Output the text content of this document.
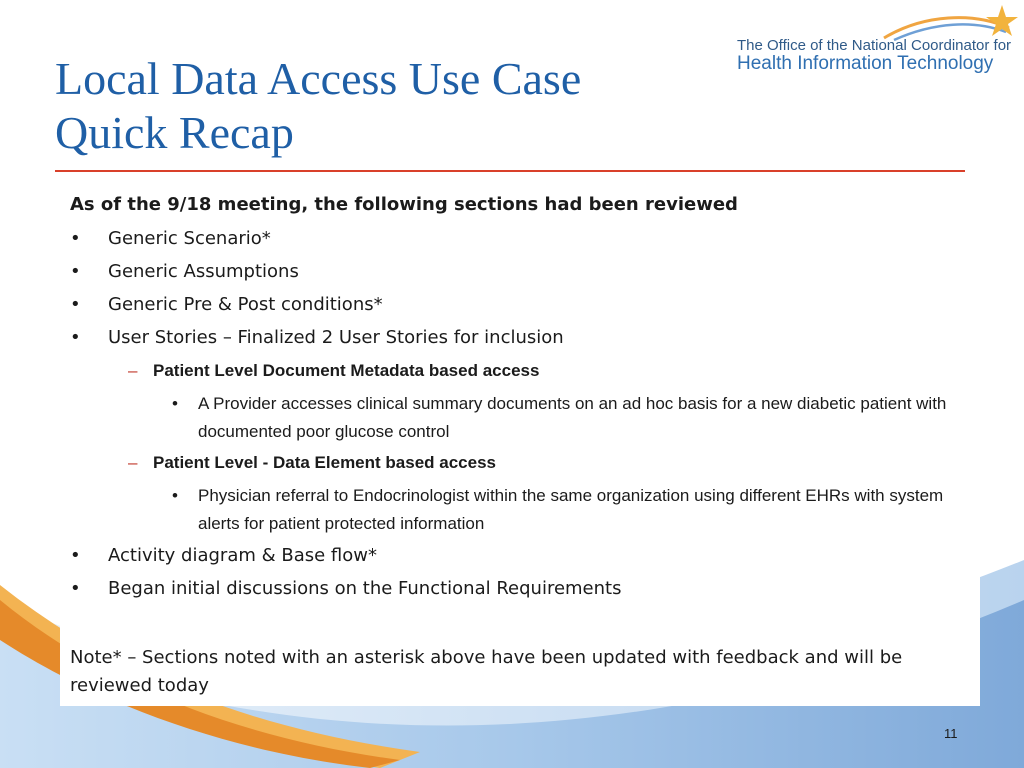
The Office of the National Coordinator for
Health Information Technology
Local Data Access Use Case
Quick Recap
As of the 9/18 meeting, the following sections had been reviewed
• Generic Scenario*
• Generic Assumptions
• Generic Pre & Post conditions*
• User Stories – Finalized 2 User Stories for inclusion
– Patient Level Document Metadata based access
• A Provider accesses clinical summary documents on an ad hoc basis for a new diabetic patient with documented poor glucose control
– Patient Level - Data Element based access
• Physician referral to Endocrinologist within the same organization using different EHRs with system alerts for patient protected information
• Activity diagram & Base flow*
• Began initial discussions on the Functional Requirements
Note* – Sections noted with an asterisk above have been updated with feedback and will be reviewed today
11
